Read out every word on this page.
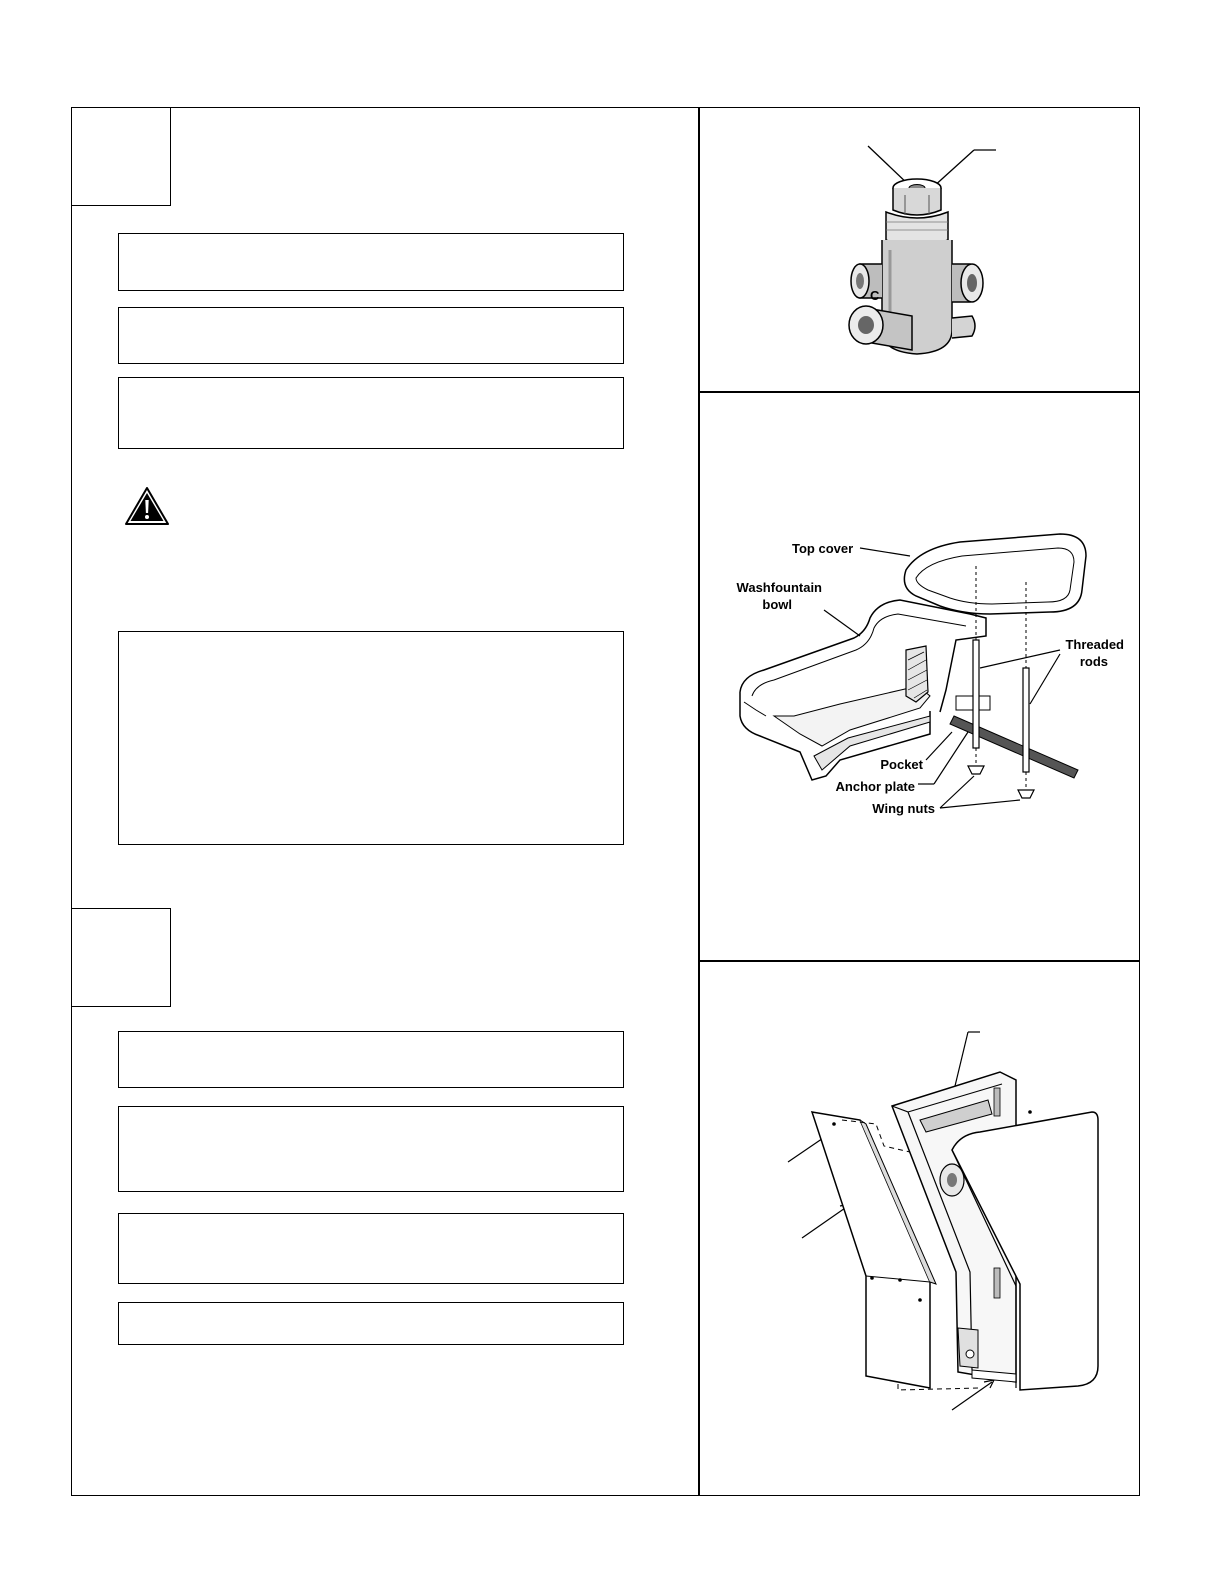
C
Top cover
Washfountain
bowl
Threaded
rods
Pocket
Anchor plate
Wing nuts
